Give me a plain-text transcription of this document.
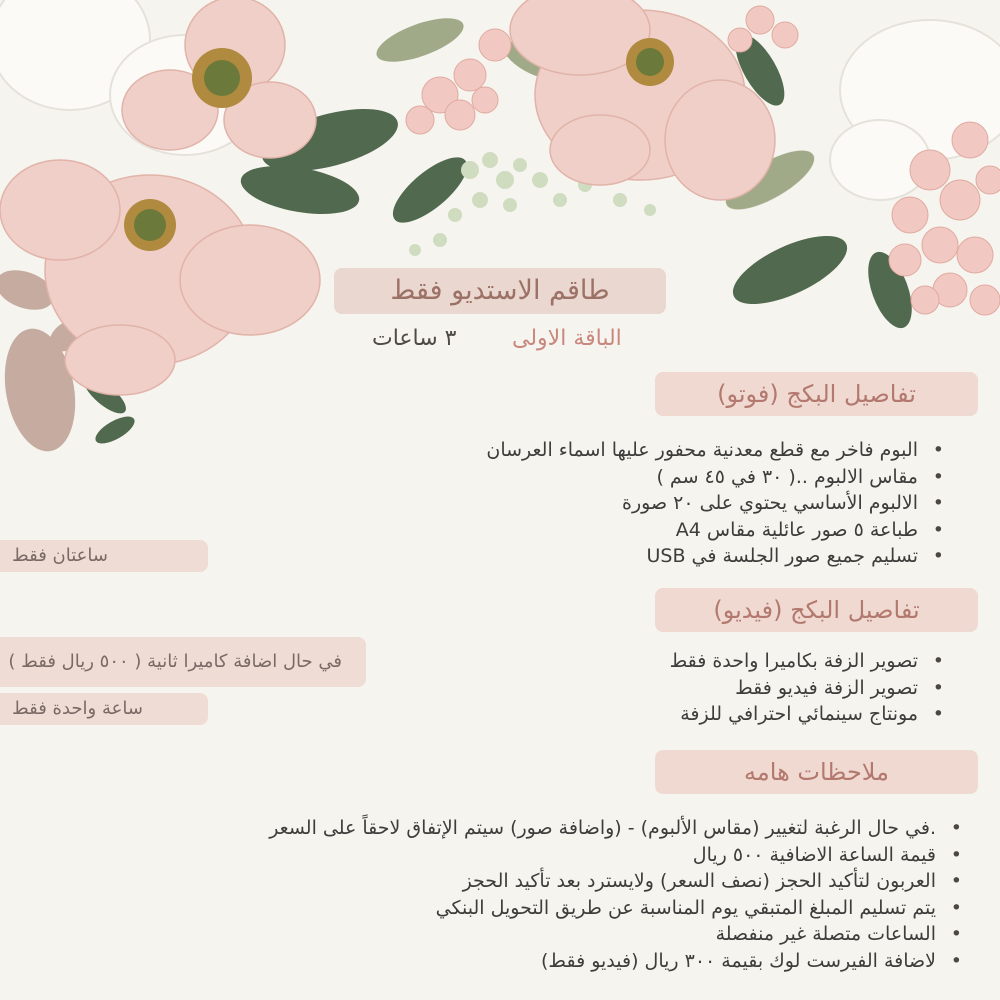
طاقم الاستديو فقط
الباقة الاولى
٣ ساعات
تفاصيل البكج (فوتو)
• البوم فاخر مع قطع معدنية محفور عليها اسماء العرسان
• مقاس الالبوم ..( ٣٠ في ٤٥ سم )
• الالبوم الأساسي يحتوي على ٢٠ صورة
• طباعة ٥ صور عائلية مقاس A4
• تسليم جميع صور الجلسة في USB
ساعتان فقط
في حال اضافة كاميرا ثانية ( ٥٠٠ ريال فقط )
ساعة واحدة فقط
تفاصيل البكج (فيديو)
• تصوير الزفة بكاميرا واحدة فقط
• تصوير الزفة فيديو فقط
• مونتاج سينمائي احترافي للزفة
ملاحظات هامه
• .في حال الرغبة لتغيير (مقاس الألبوم) - (واضافة صور) سيتم الإتفاق لاحقاً على السعر
• قيمة الساعة الاضافية ٥٠٠ ريال
• العربون لتأكيد الحجز (نصف السعر) ولايسترد بعد تأكيد الحجز
• يتم تسليم المبلغ المتبقي يوم المناسبة عن طريق التحويل البنكي
• الساعات متصلة غير منفصلة
• لاضافة الفيرست لوك بقيمة ٣٠٠ ريال (فيديو فقط)
